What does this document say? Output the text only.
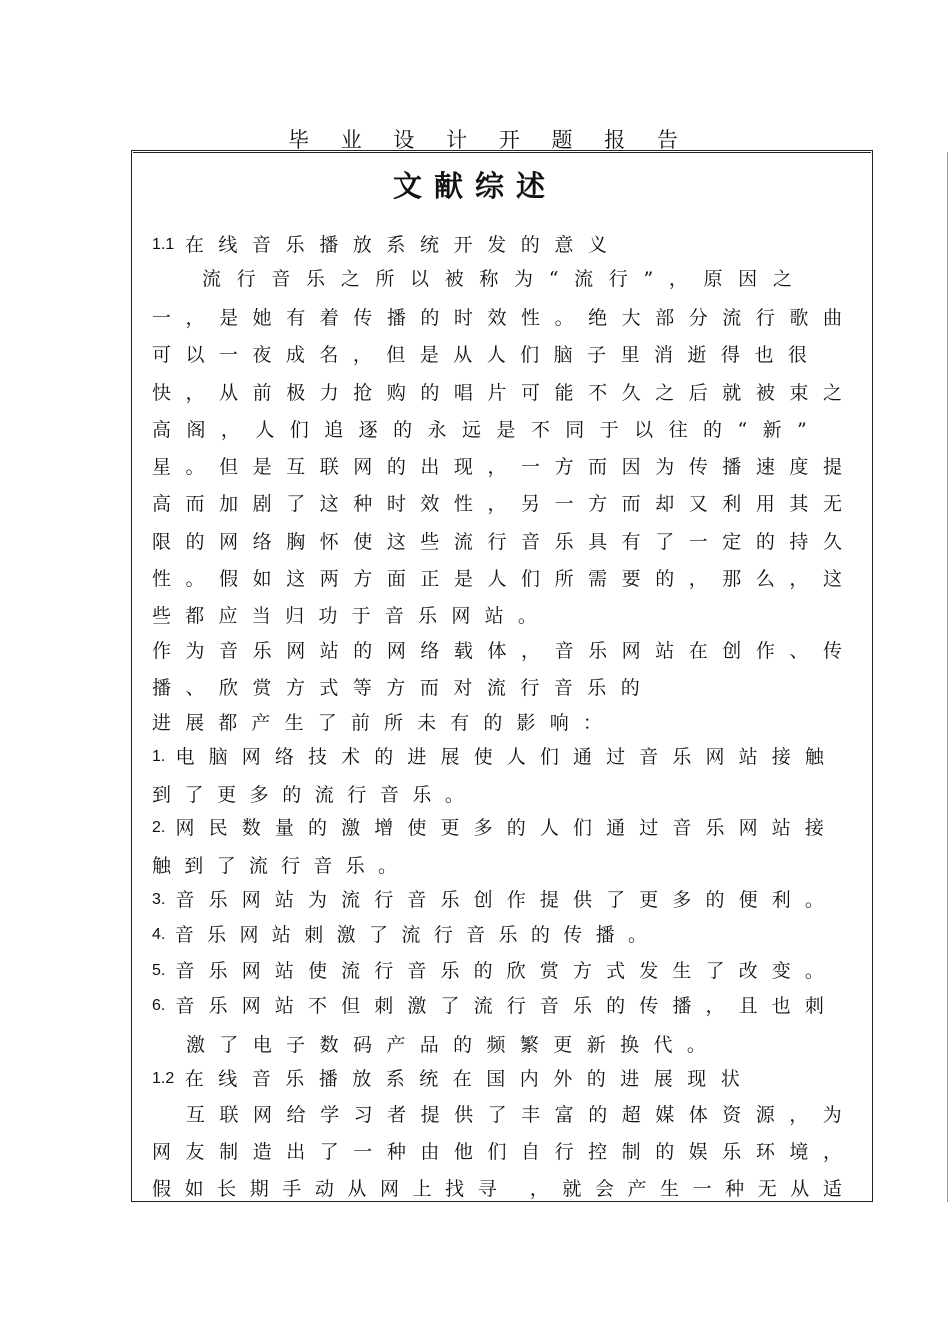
毕 业 设 计 开 题 报 告
文献综述
1.1 在 线 音 乐 播 放 系 统 开 发 的 意 义
流 行 音 乐 之 所 以 被 称 为 “ 流 行 ” ， 原 因 之
一 ， 是 她 有 着 传 播 的 时 效 性 。 绝 大 部 分 流 行 歌 曲
可 以 一 夜 成 名 ， 但 是 从 人 们 脑 子 里 消 逝 得 也 很
快 ， 从 前 极 力 抢 购 的 唱 片 可 能 不 久 之 后 就 被 束 之
高 阁 ， 人 们 追 逐 的 永 远 是 不 同 于 以 往 的 “ 新 ”
星 。 但 是 互 联 网 的 出 现 ， 一 方 而 因 为 传 播 速 度 提
高 而 加 剧 了 这 种 时 效 性 ， 另 一 方 而 却 又 利 用 其 无
限 的 网 络 胸 怀 使 这 些 流 行 音 乐 具 有 了 一 定 的 持 久
性 。 假 如 这 两 方 面 正 是 人 们 所 需 要 的 ， 那 么 ， 这
些 都 应 当 归 功 于 音 乐 网 站 。
作 为 音 乐 网 站 的 网 络 载 体 ， 音 乐 网 站 在 创 作 、 传
播 、 欣 赏 方 式 等 方 而 对 流 行 音 乐 的
进 展 都 产 生 了 前 所 未 有 的 影 响 ：
1. 电 脑 网 络 技 术 的 进 展 使 人 们 通 过 音 乐 网 站 接 触
到 了 更 多 的 流 行 音 乐 。
2. 网 民 数 量 的 激 增 使 更 多 的 人 们 通 过 音 乐 网 站 接
触 到 了 流 行 音 乐 。
3. 音 乐 网 站 为 流 行 音 乐 创 作 提 供 了 更 多 的 便 利 。
4. 音 乐 网 站 刺 激 了 流 行 音 乐 的 传 播 。
5. 音 乐 网 站 使 流 行 音 乐 的 欣 赏 方 式 发 生 了 改 变 。
6. 音 乐 网 站 不 但 刺 激 了 流 行 音 乐 的 传 播 ， 且 也 刺
激 了 电 子 数 码 产 品 的 频 繁 更 新 换 代 。
1.2 在 线 音 乐 播 放 系 统 在 国 内 外 的 进 展 现 状
互 联 网 给 学 习 者 提 供 了 丰 富 的 超 媒 体 资 源 ， 为
网 友 制 造 出 了 一 种 由 他 们 自 行 控 制 的 娱 乐 环 境 ，
假 如 长 期 手 动 从 网 上 找 寻
， 就 会 产 生 一 种 无 从 适
